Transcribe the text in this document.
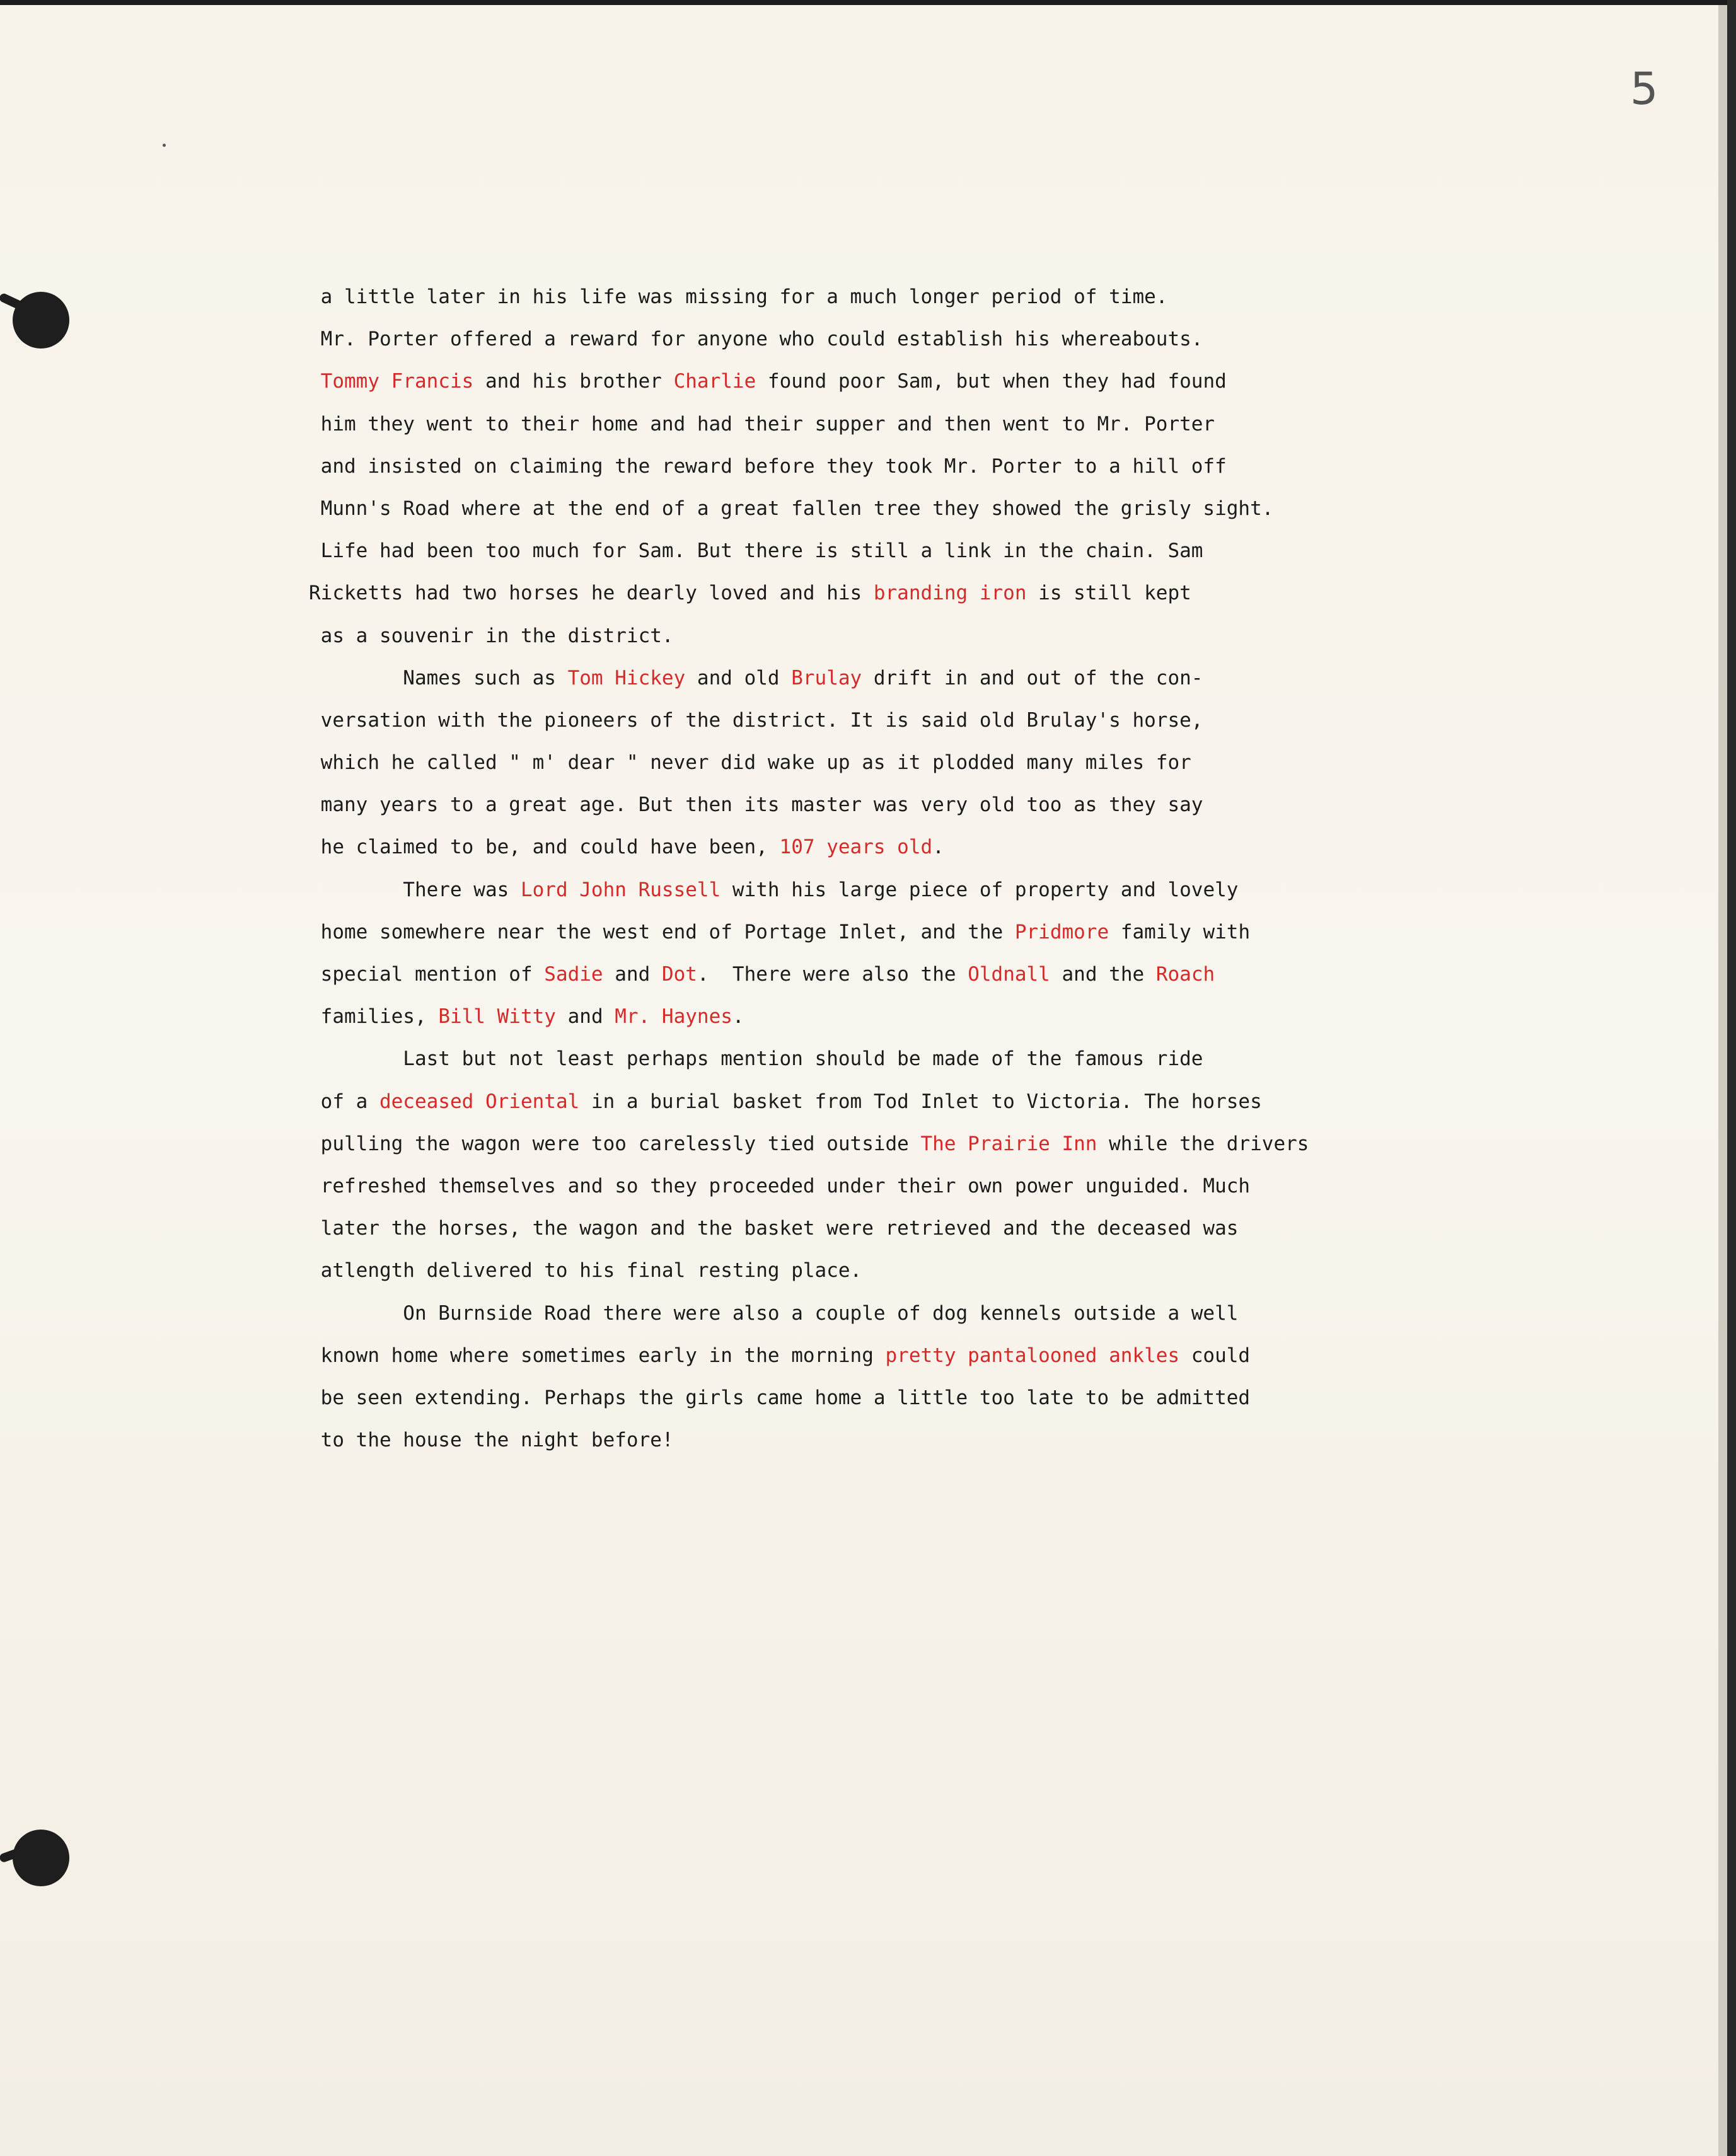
5
a little later in his life was missing for a much longer period of time.
Mr. Porter offered a reward for anyone who could establish his whereabouts.
Tommy Francis and his brother Charlie found poor Sam, but when they had found
him they went to their home and had their supper and then went to Mr. Porter
and insisted on claiming the reward before they took Mr. Porter to a hill off
Munn's Road where at the end of a great fallen tree they showed the grisly sight.
Life had been too much for Sam. But there is still a link in the chain. Sam
Ricketts had two horses he dearly loved and his branding iron is still kept
as a souvenir in the district.
Names such as Tom Hickey and old Brulay drift in and out of the con-
versation with the pioneers of the district. It is said old Brulay's horse,
which he called " m' dear " never did wake up as it plodded many miles for
many years to a great age. But then its master was very old too as they say
he claimed to be, and could have been, 107 years old.
There was Lord John Russell with his large piece of property and lovely
home somewhere near the west end of Portage Inlet, and the Pridmore family with
special mention of Sadie and Dot.  There were also the Oldnall and the Roach
families, Bill Witty and Mr. Haynes.
Last but not least perhaps mention should be made of the famous ride
of a deceased Oriental in a burial basket from Tod Inlet to Victoria. The horses
pulling the wagon were too carelessly tied outside The Prairie Inn while the drivers
refreshed themselves and so they proceeded under their own power unguided. Much
later the horses, the wagon and the basket were retrieved and the deceased was
atlength delivered to his final resting place.
On Burnside Road there were also a couple of dog kennels outside a well
known home where sometimes early in the morning pretty pantalooned ankles could
be seen extending. Perhaps the girls came home a little too late to be admitted
to the house the night before!
